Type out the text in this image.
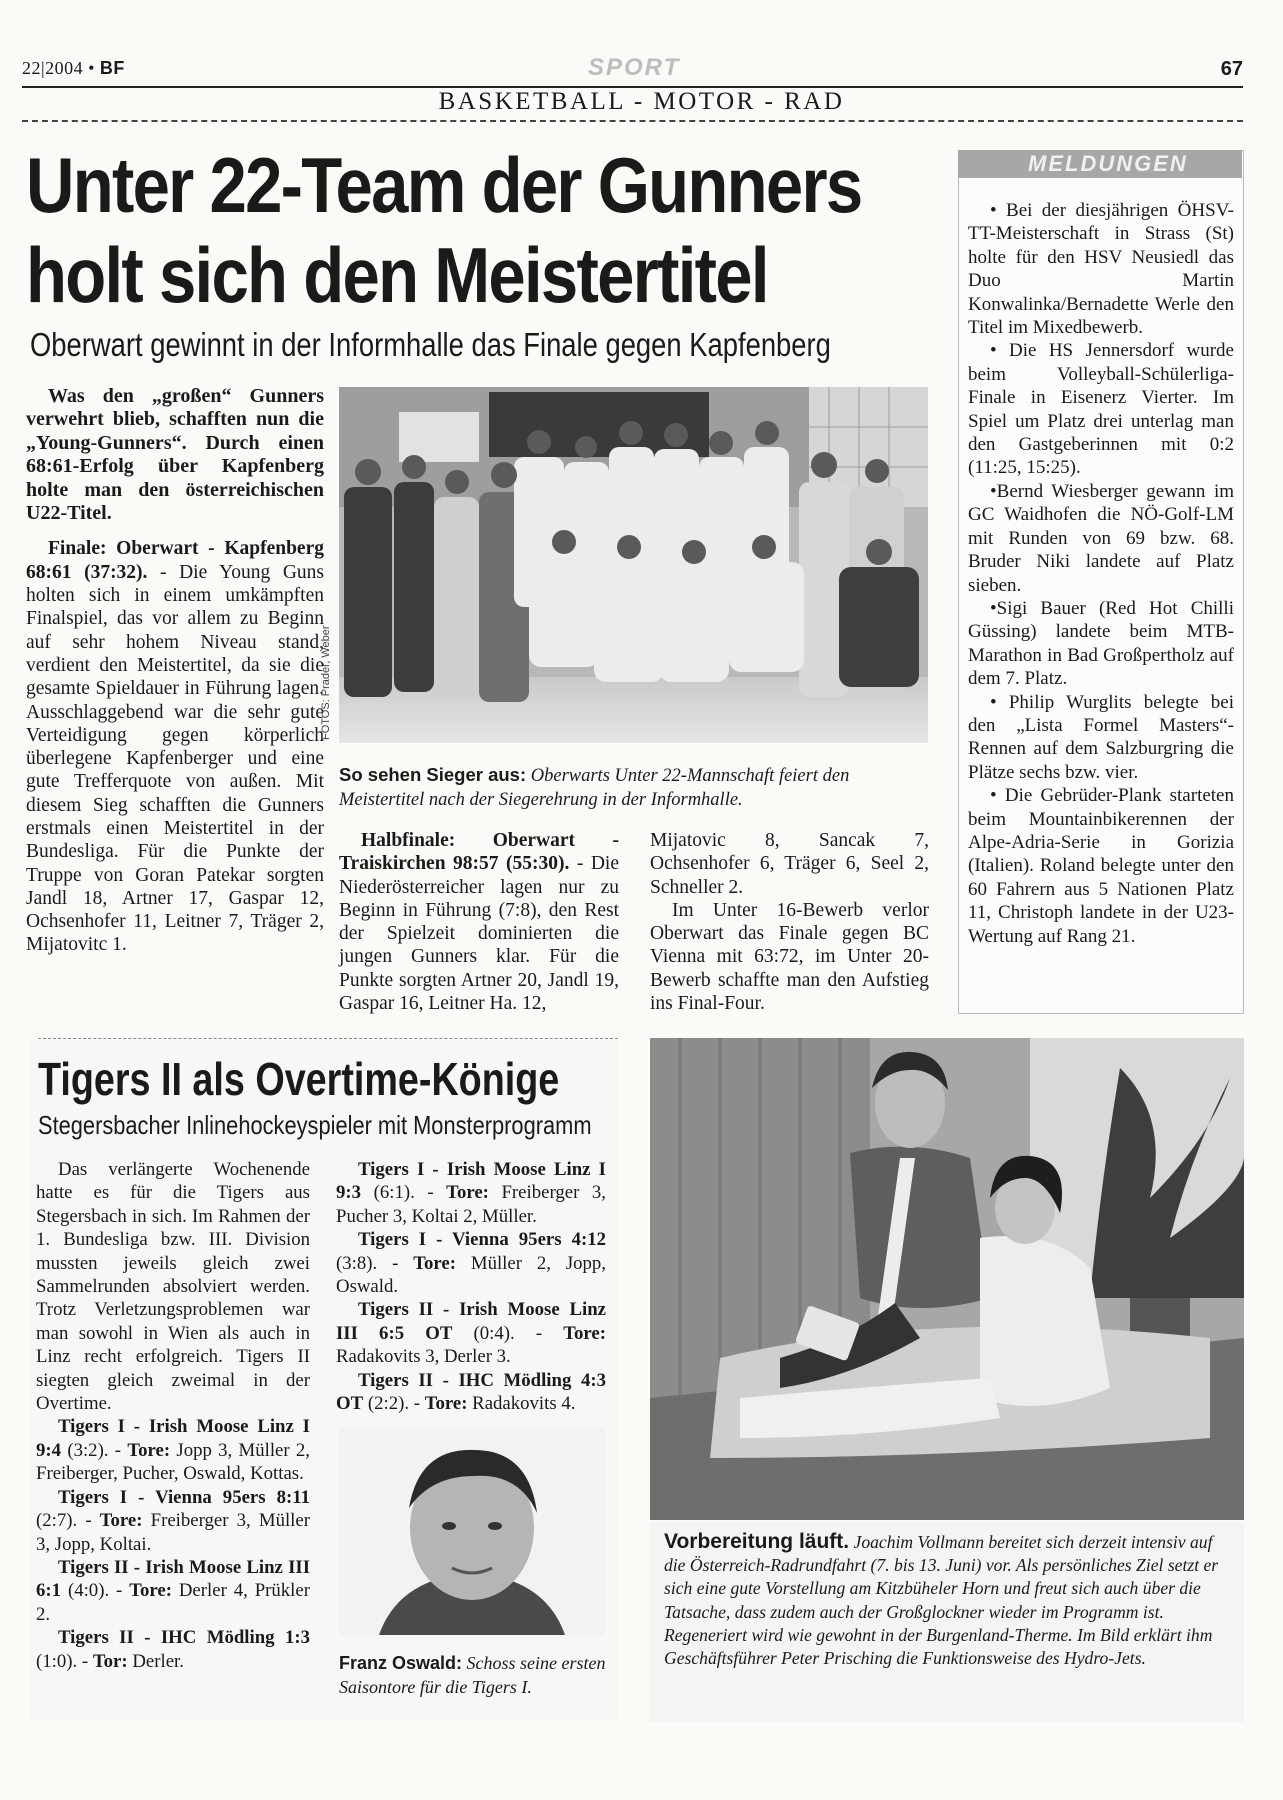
22|2004 • BF	SPORT	67
BASKETBALL - MOTOR - RAD
Unter 22-Team der Gunners
holt sich den Meistertitel
Oberwart gewinnt in der Informhalle das Finale gegen Kapfenberg

Was den „großen“ Gunners verwehrt blieb, schafften nun die „Young-Gunners“. Durch einen 68:61-Erfolg über Kapfenberg holte man den österreichischen U22-Titel.

Finale: Oberwart - Kapfenberg 68:61 (37:32). - Die Young Guns holten sich in einem umkämpften Finalspiel, das vor allem zu Beginn auf sehr hohem Niveau stand, verdient den Meistertitel, da sie die gesamte Spieldauer in Führung lagen. Ausschlaggebend war die sehr gute Verteidigung gegen körperlich überlegene Kapfenberger und eine gute Trefferquote von außen. Mit diesem Sieg schafften die Gunners erstmals einen Meistertitel in der Bundesliga. Für die Punkte der Truppe von Goran Patekar sorgten Jandl 18, Artner 17, Gaspar 12, Ochsenhofer 11, Leitner 7, Träger 2, Mijatovitc 1.

FOTOS: Prader, Weber
So sehen Sieger aus: Oberwarts Unter 22-Mannschaft feiert den Meistertitel nach der Siegerehrung in der Informhalle.

Halbfinale: Oberwart - Traiskirchen 98:57 (55:30). - Die Niederösterreicher lagen nur zu Beginn in Führung (7:8), den Rest der Spielzeit dominierten die jungen Gunners klar. Für die Punkte sorgten Artner 20, Jandl 19, Gaspar 16, Leitner Ha. 12,

Mijatovic 8, Sancak 7, Ochsenhofer 6, Träger 6, Seel 2, Schneller 2.

Im Unter 16-Bewerb verlor Oberwart das Finale gegen BC Vienna mit 63:72, im Unter 20-Bewerb schaffte man den Aufstieg ins Final-Four.

MELDUNGEN

• Bei der diesjährigen ÖHSV-TT-Meisterschaft in Strass (St) holte für den HSV Neusiedl das Duo Martin Konwalinka/Bernadette Werle den Titel im Mixedbewerb.

• Die HS Jennersdorf wurde beim Volleyball-Schülerliga-Finale in Eisenerz Vierter. Im Spiel um Platz drei unterlag man den Gastgeberinnen mit 0:2 (11:25, 15:25).

•Bernd Wiesberger gewann im GC Waidhofen die NÖ-Golf-LM mit Runden von 69 bzw. 68. Bruder Niki landete auf Platz sieben.

•Sigi Bauer (Red Hot Chilli Güssing) landete beim MTB-Marathon in Bad Großpertholz auf dem 7. Platz.

• Philip Wurglits belegte bei den „Lista Formel Masters“-Rennen auf dem Salzburgring die Plätze sechs bzw. vier.

• Die Gebrüder-Plank starteten beim Mountainbikerennen der Alpe-Adria-Serie in Gorizia (Italien). Roland belegte unter den 60 Fahrern aus 5 Nationen Platz 11, Christoph landete in der U23-Wertung auf Rang 21.

Tigers II als Overtime-Könige
Stegersbacher Inlinehockeyspieler mit Monsterprogramm

Das verlängerte Wochenende hatte es für die Tigers aus Stegersbach in sich. Im Rahmen der 1. Bundesliga bzw. III. Division mussten jeweils gleich zwei Sammelrunden absolviert werden. Trotz Verletzungsproblemen war man sowohl in Wien als auch in Linz recht erfolgreich. Tigers II siegten gleich zweimal in der Overtime.

Tigers I - Irish Moose Linz I 9:4 (3:2). - Tore: Jopp 3, Müller 2, Freiberger, Pucher, Oswald, Kottas.

Tigers I - Vienna 95ers 8:11 (2:7). - Tore: Freiberger 3, Müller 3, Jopp, Koltai.

Tigers II - Irish Moose Linz III 6:1 (4:0). - Tore: Derler 4, Prükler 2.

Tigers II - IHC Mödling 1:3 (1:0). - Tor: Derler.

Tigers I - Irish Moose Linz I 9:3 (6:1). - Tore: Freiberger 3, Pucher 3, Koltai 2, Müller.

Tigers I - Vienna 95ers 4:12 (3:8). - Tore: Müller 2, Jopp, Oswald.

Tigers II - Irish Moose Linz III 6:5 OT (0:4). - Tore: Radakovits 3, Derler 3.

Tigers II - IHC Mödling 4:3 OT (2:2). - Tore: Radakovits 4.

Franz Oswald: Schoss seine ersten Saisontore für die Tigers I.
Vorbereitung läuft. Joachim Vollmann bereitet sich derzeit intensiv auf die Österreich-Radrundfahrt (7. bis 13. Juni) vor. Als persönliches Ziel setzt er sich eine gute Vorstellung am Kitzbüheler Horn und freut sich auch über die Tatsache, dass zudem auch der Großglockner wieder im Programm ist. Regeneriert wird wie gewohnt in der Burgenland-Therme. Im Bild erklärt ihm Geschäftsführer Peter Prisching die Funktionsweise des Hydro-Jets.
